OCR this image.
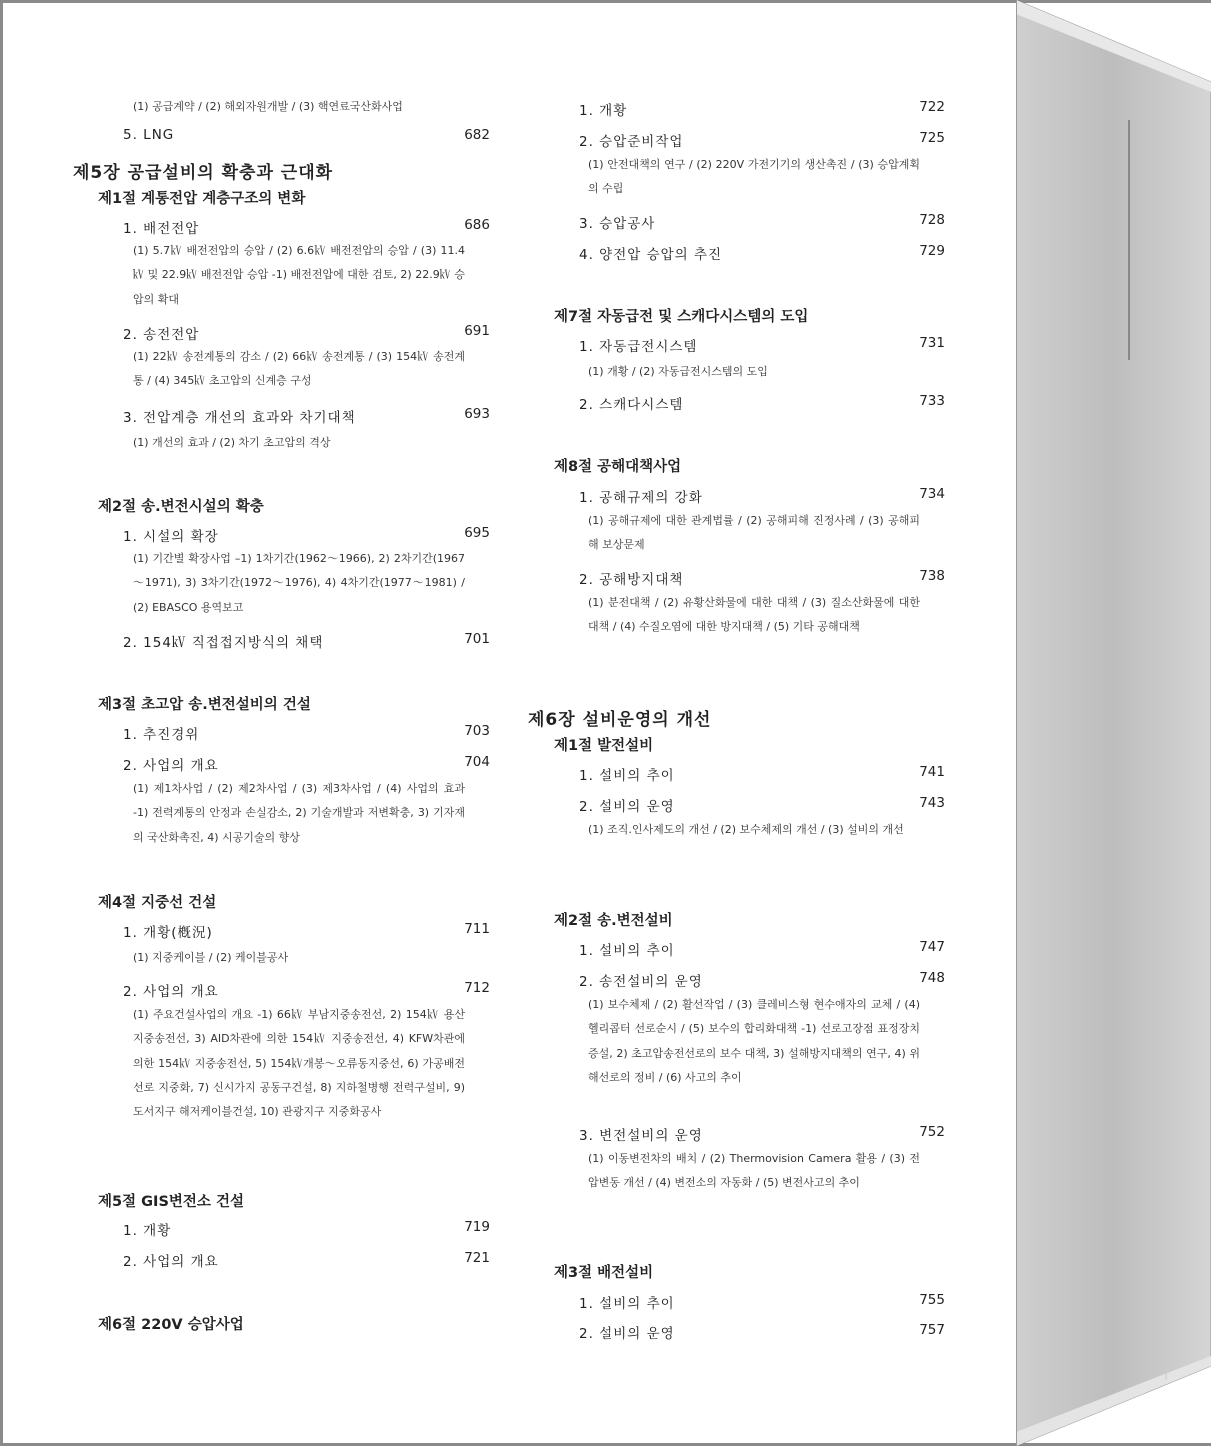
(1) 공급계약 / (2) 해외자원개발 / (3) 핵연료국산화사업
5. LNG	682
제5장 공급설비의 확충과 근대화
제1절 계통전압 계층구조의 변화
1. 배전전압	686
(1) 5.7㎸ 배전전압의 승압 / (2) 6.6㎸ 배전전압의 승압 / (3) 11.4㎸ 및 22.9㎸ 배전전압 승압 -1) 배전전압에 대한 검토, 2) 22.9㎸ 승압의 확대
2. 송전전압	691
(1) 22㎸ 송전계통의 감소 / (2) 66㎸ 송전계통 / (3) 154㎸ 송전계통 / (4) 345㎸ 초고압의 신계층 구성
3. 전압계층 개선의 효과와 차기대책	693
(1) 개선의 효과 / (2) 차기 초고압의 격상
제2절 송.변전시설의 확충
1. 시설의 확장	695
(1) 기간별 확장사업 –1) 1차기간(1962～1966), 2) 2차기간(1967～1971), 3) 3차기간(1972～1976), 4) 4차기간(1977～1981) / (2) EBASCO 용역보고
2. 154㎸ 직접접지방식의 채택	701
제3절 초고압 송.변전설비의 건설
1. 추진경위	703
2. 사업의 개요	704
(1) 제1차사업 / (2) 제2차사업 / (3) 제3차사업 / (4) 사업의 효과 -1) 전력계통의 안정과 손실감소, 2) 기술개발과 저변확충, 3) 기자재의 국산화촉진, 4) 시공기술의 향상
제4절 지중선 건설
1. 개황(槪況)	711
(1) 지중케이블 / (2) 케이블공사
2. 사업의 개요	712
(1) 주요건설사업의 개요 -1) 66㎸ 부남지중송전선, 2) 154㎸ 용산지중송전선, 3) AID차관에 의한 154㎸ 지중송전선, 4) KFW차관에 의한 154㎸ 지중송전선, 5) 154㎸개봉～오류동지중선, 6) 가공배전선로 지중화, 7) 신시가지 공동구건설, 8) 지하철병행 전력구설비, 9) 도서지구 해저케이블건설, 10) 관광지구 지중화공사
제5절 GIS변전소 건설
1. 개황	719
2. 사업의 개요	721
제6절 220V 승압사업
1. 개황	722
2. 승압준비작업	725
(1) 안전대책의 연구 / (2) 220V 가전기기의 생산촉진 / (3) 승압계획의 수립
3. 승압공사	728
4. 양전압 승압의 추진	729
제7절 자동급전 및 스캐다시스템의 도입
1. 자동급전시스템	731
(1) 개황 / (2) 자동급전시스템의 도입
2. 스캐다시스템	733
제8절 공해대책사업
1. 공해규제의 강화	734
(1) 공해규제에 대한 관계법률 / (2) 공해피해 진정사례 / (3) 공해피해 보상문제
2. 공해방지대책	738
(1) 분전대책 / (2) 유황산화물에 대한 대책 / (3) 질소산화물에 대한 대책 / (4) 수질오염에 대한 방지대책 / (5) 기타 공해대책
제6장 설비운영의 개선
제1절 발전설비
1. 설비의 추이	741
2. 설비의 운영	743
(1) 조직.인사제도의 개선 / (2) 보수체제의 개선 / (3) 설비의 개선
제2절 송.변전설비
1. 설비의 추이	747
2. 송전설비의 운영	748
(1) 보수체제 / (2) 활선작업 / (3) 클레비스형 현수애자의 교체 / (4) 헬리콥터 선로순시 / (5) 보수의 합리화대책 -1) 선로고장점 표정장치증설, 2) 초고압송전선로의 보수 대책, 3) 설해방지대책의 연구, 4) 위해선로의 정비 / (6) 사고의 추이
3. 변전설비의 운영	752
(1) 이동변전차의 배치 / (2) Thermovision Camera 활용 / (3) 전압변동 개선 / (4) 변전소의 자동화 / (5) 변전사고의 추이
제3절 배전설비
1. 설비의 추이	755
2. 설비의 운영	757
